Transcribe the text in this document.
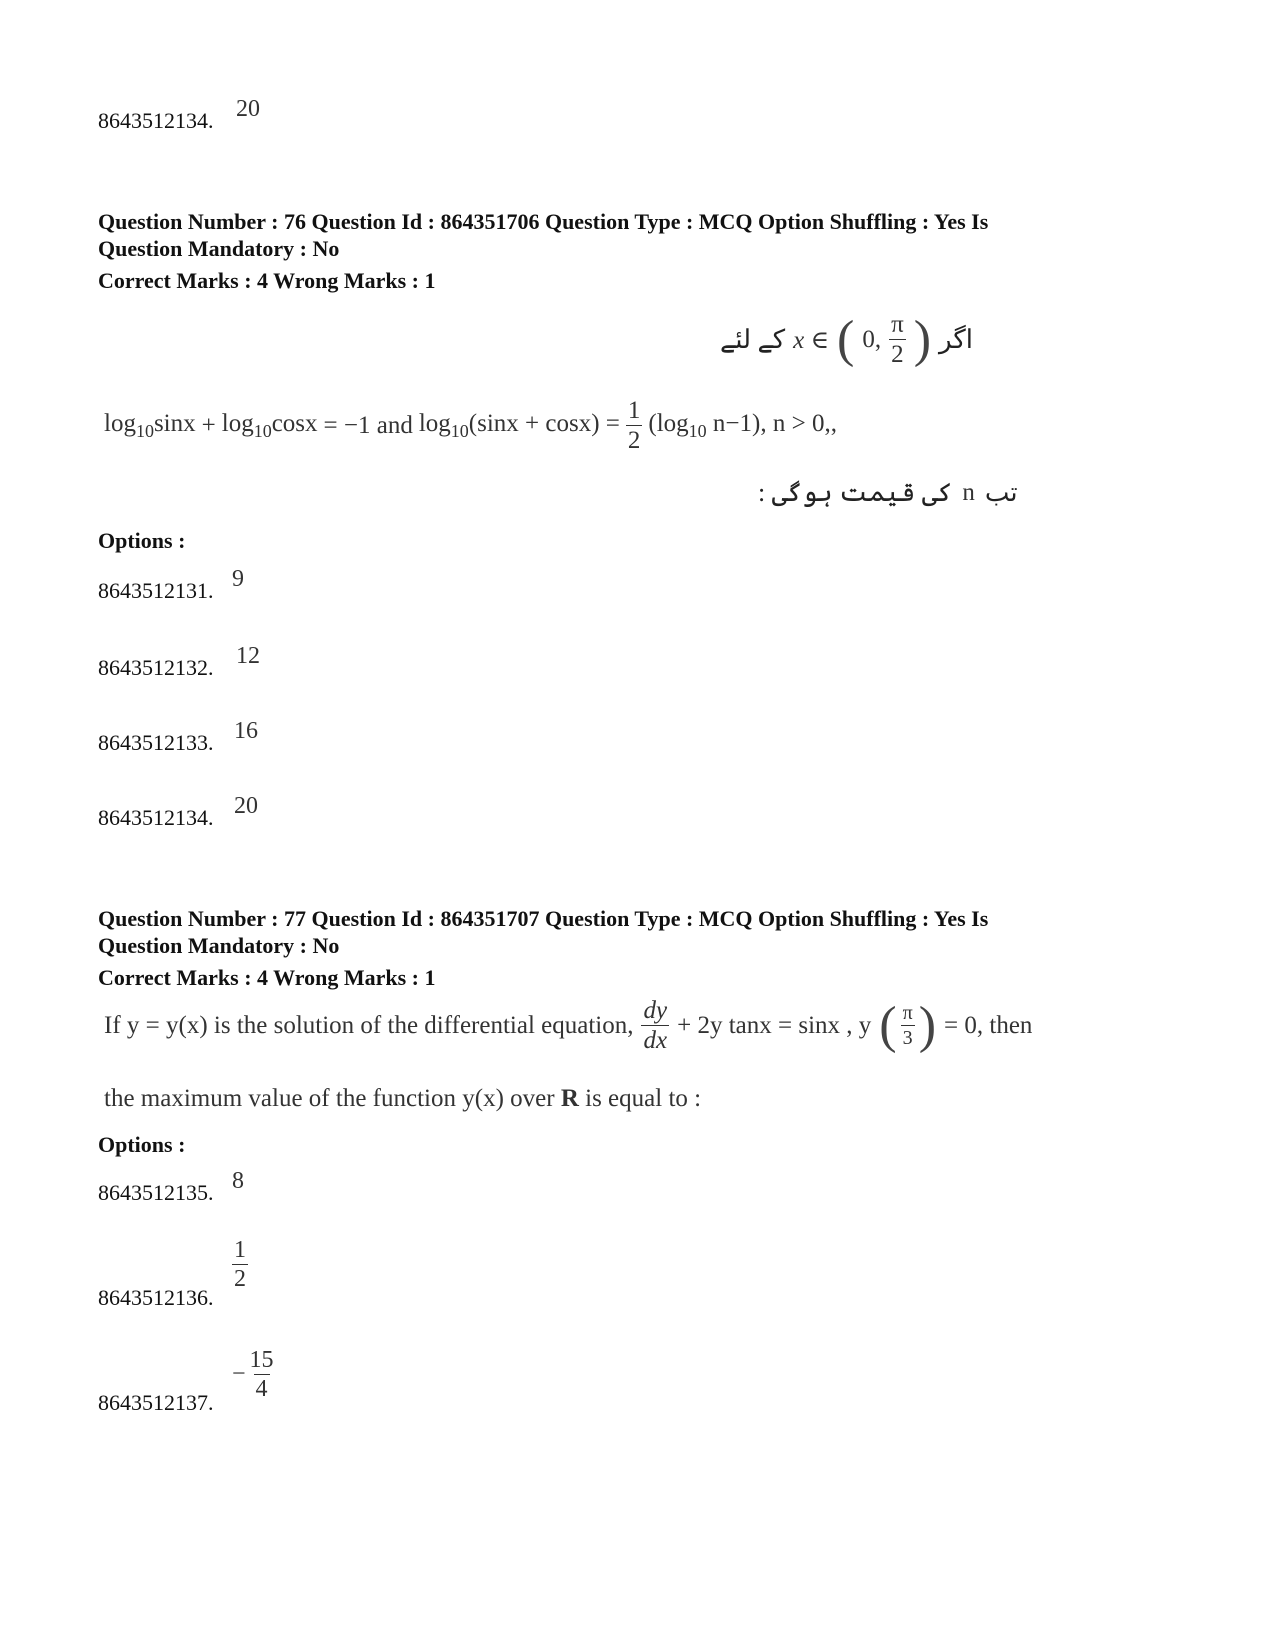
8643512134. 20
Question Number : 76 Question Id : 864351706 Question Type : MCQ Option Shuffling : Yes Is
Question Mandatory : No
Correct Marks : 4 Wrong Marks : 1
کے لئے x ∈ ( 0, $\frac{\pi}{2}$ ) اگر
$\log_{10}\sin x + \log_{10}\cos x = -1$ and $\log_{10}(\sin x + \cos x) = \frac{1}{2} (\log_{10}$ n−1), n > 0,,
کی قیمت ہوگی : n تب
Options :
8643512131. 9
8643512132. 12
8643512133. 16
8643512134. 20
Question Number : 77 Question Id : 864351707 Question Type : MCQ Option Shuffling : Yes Is
Question Mandatory : No
Correct Marks : 4 Wrong Marks : 1
If y = y(x) is the solution of the differential equation, $\frac{dy}{dx} + 2y$ tanx = sinx , y ( $\frac{\pi}{3}$ ) = 0, then
the maximum value of the function y(x) over R is equal to :
Options :
8643512135. 8
8643512136.
$\frac{1}{2}$
8643512137.
− $\frac{15}{4}$
